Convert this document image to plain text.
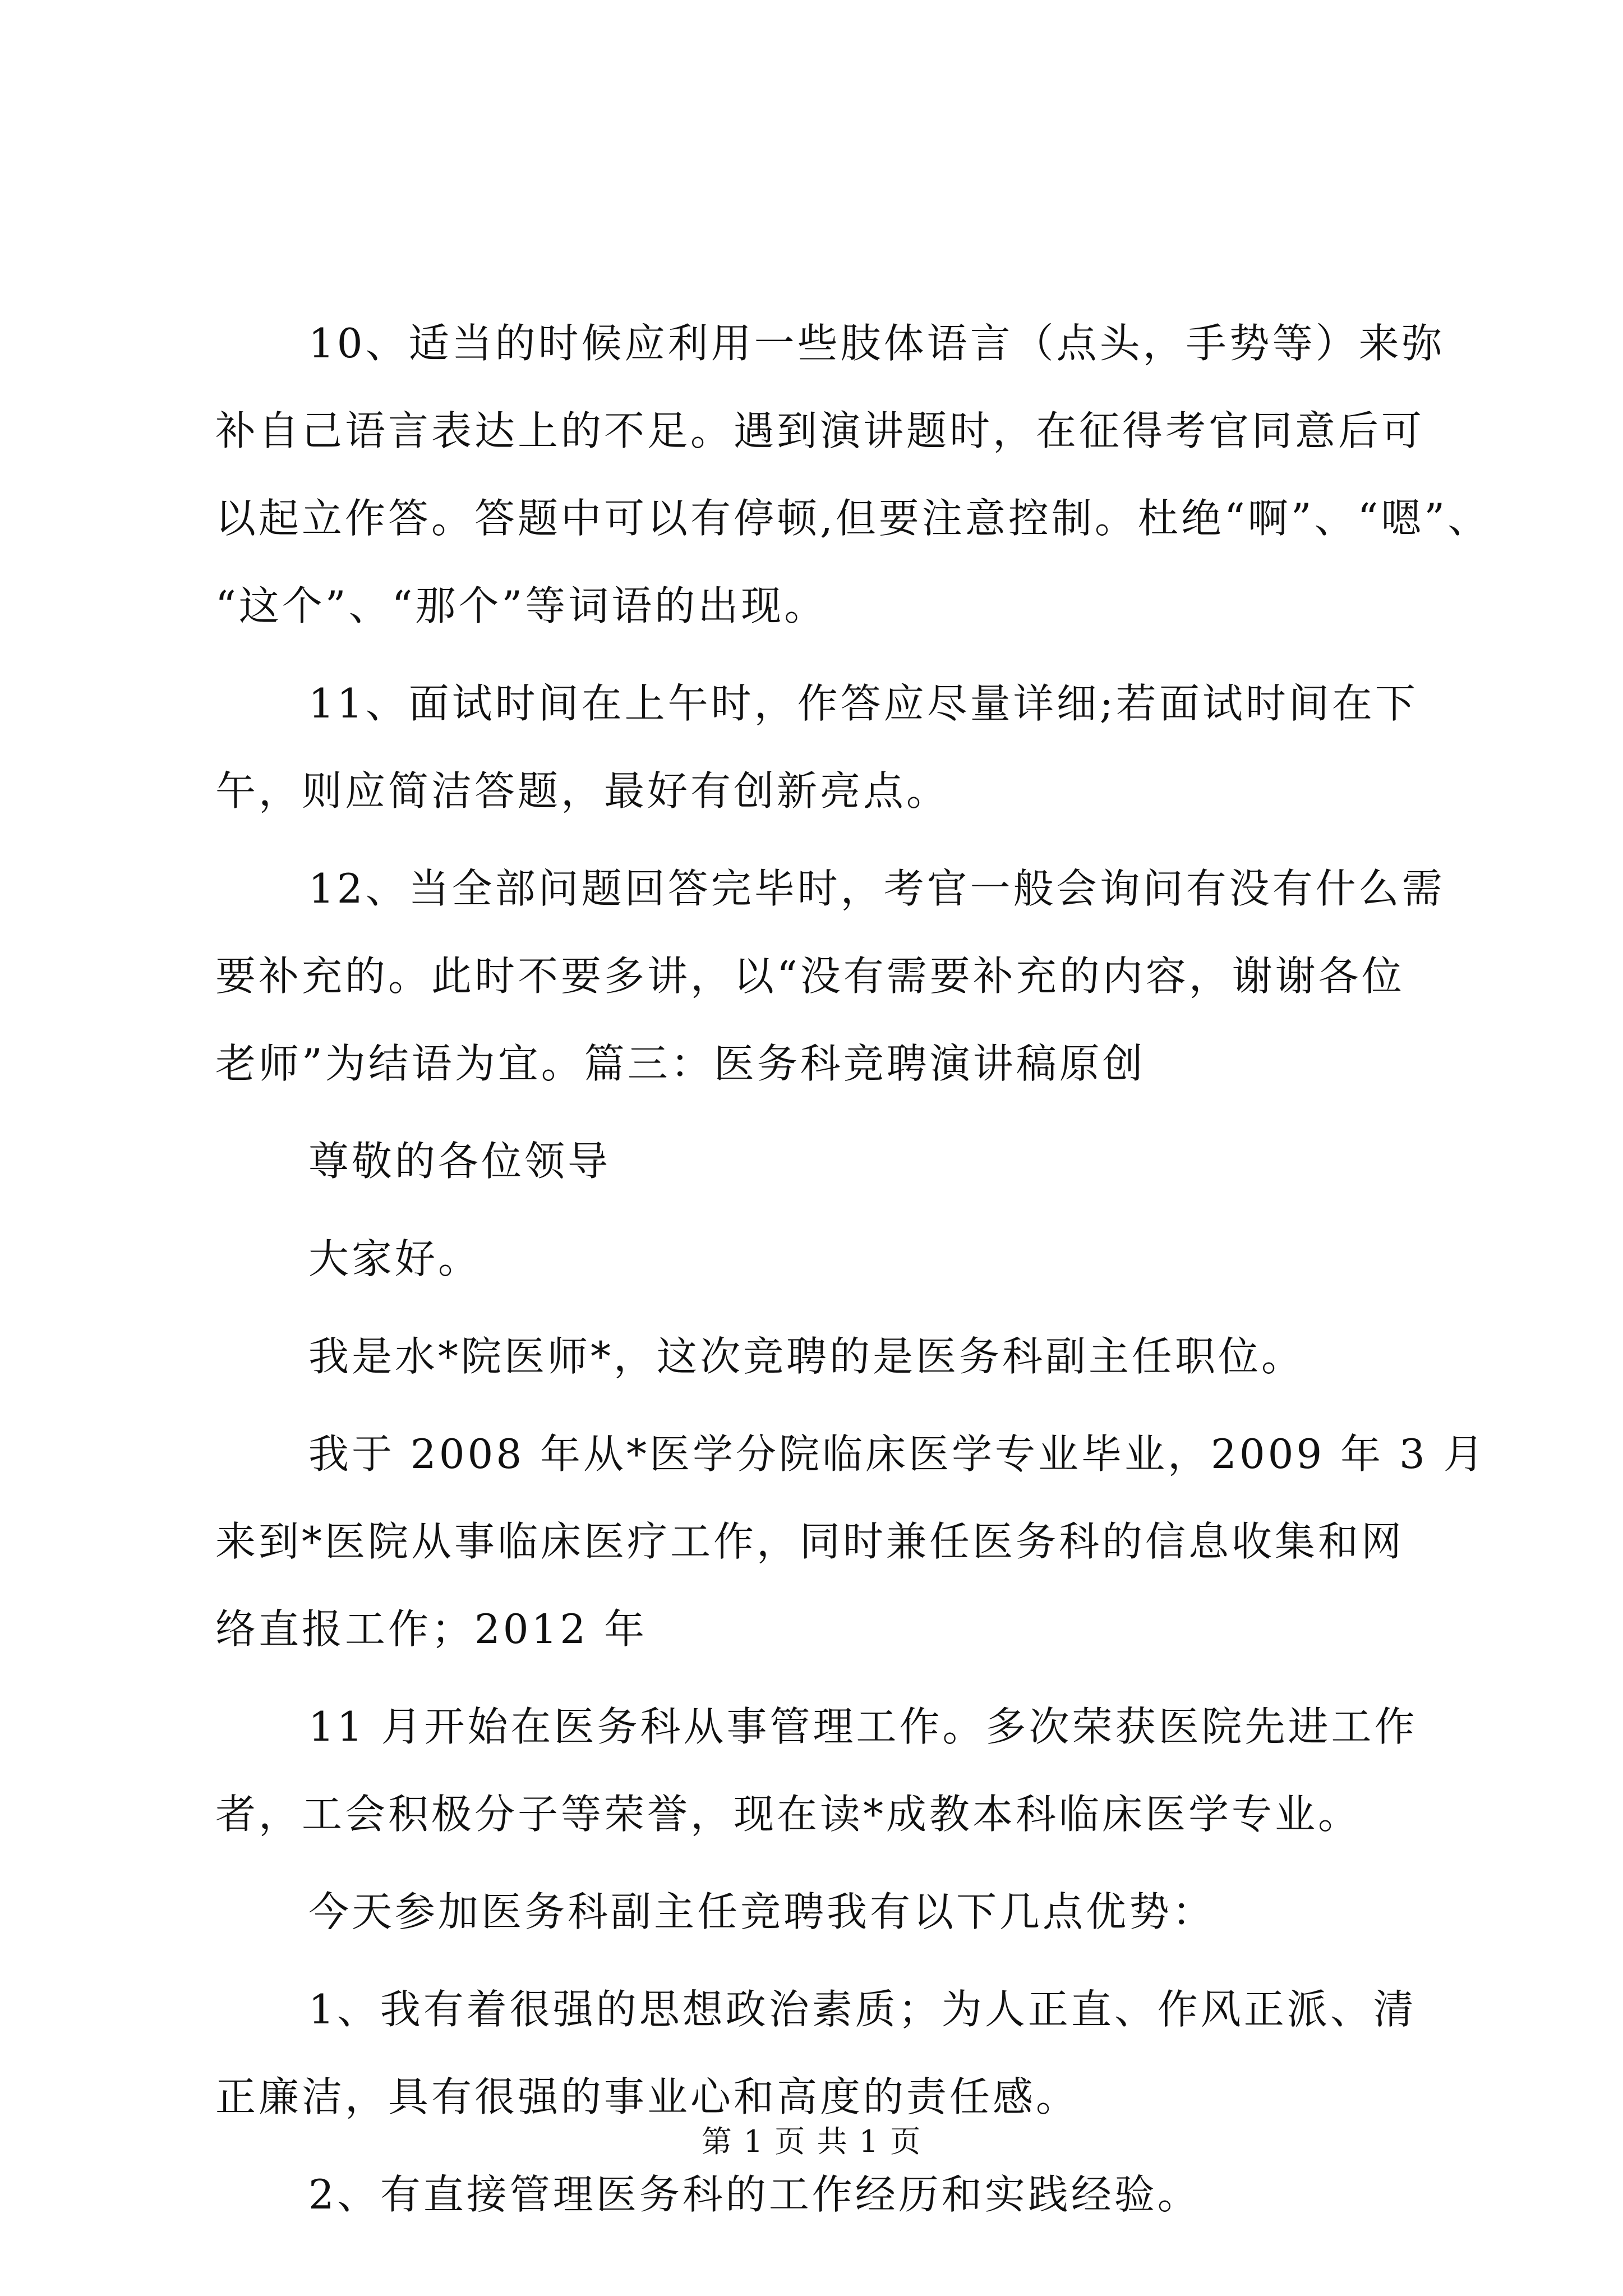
10、适当的时候应利用一些肢体语言（点头，手势等）来弥
补自己语言表达上的不足。遇到演讲题时，在征得考官同意后可
以起立作答。答题中可以有停顿,但要注意控制。杜绝“啊”、“嗯”、
“这个”、“那个”等词语的出现。
11、面试时间在上午时，作答应尽量详细;若面试时间在下
午，则应简洁答题，最好有创新亮点。
12、当全部问题回答完毕时，考官一般会询问有没有什么需
要补充的。此时不要多讲，以“没有需要补充的内容，谢谢各位
老师”为结语为宜。篇三：医务科竞聘演讲稿原创
尊敬的各位领导
大家好。
我是水*院医师*，这次竞聘的是医务科副主任职位。
我于 2008 年从*医学分院临床医学专业毕业，2009 年 3 月
来到*医院从事临床医疗工作，同时兼任医务科的信息收集和网
络直报工作；2012 年
11 月开始在医务科从事管理工作。多次荣获医院先进工作
者，工会积极分子等荣誉，现在读*成教本科临床医学专业。
今天参加医务科副主任竞聘我有以下几点优势：
1、我有着很强的思想政治素质；为人正直、作风正派、清
正廉洁，具有很强的事业心和高度的责任感。
2、有直接管理医务科的工作经历和实践经验。
第 1 页 共 1 页
